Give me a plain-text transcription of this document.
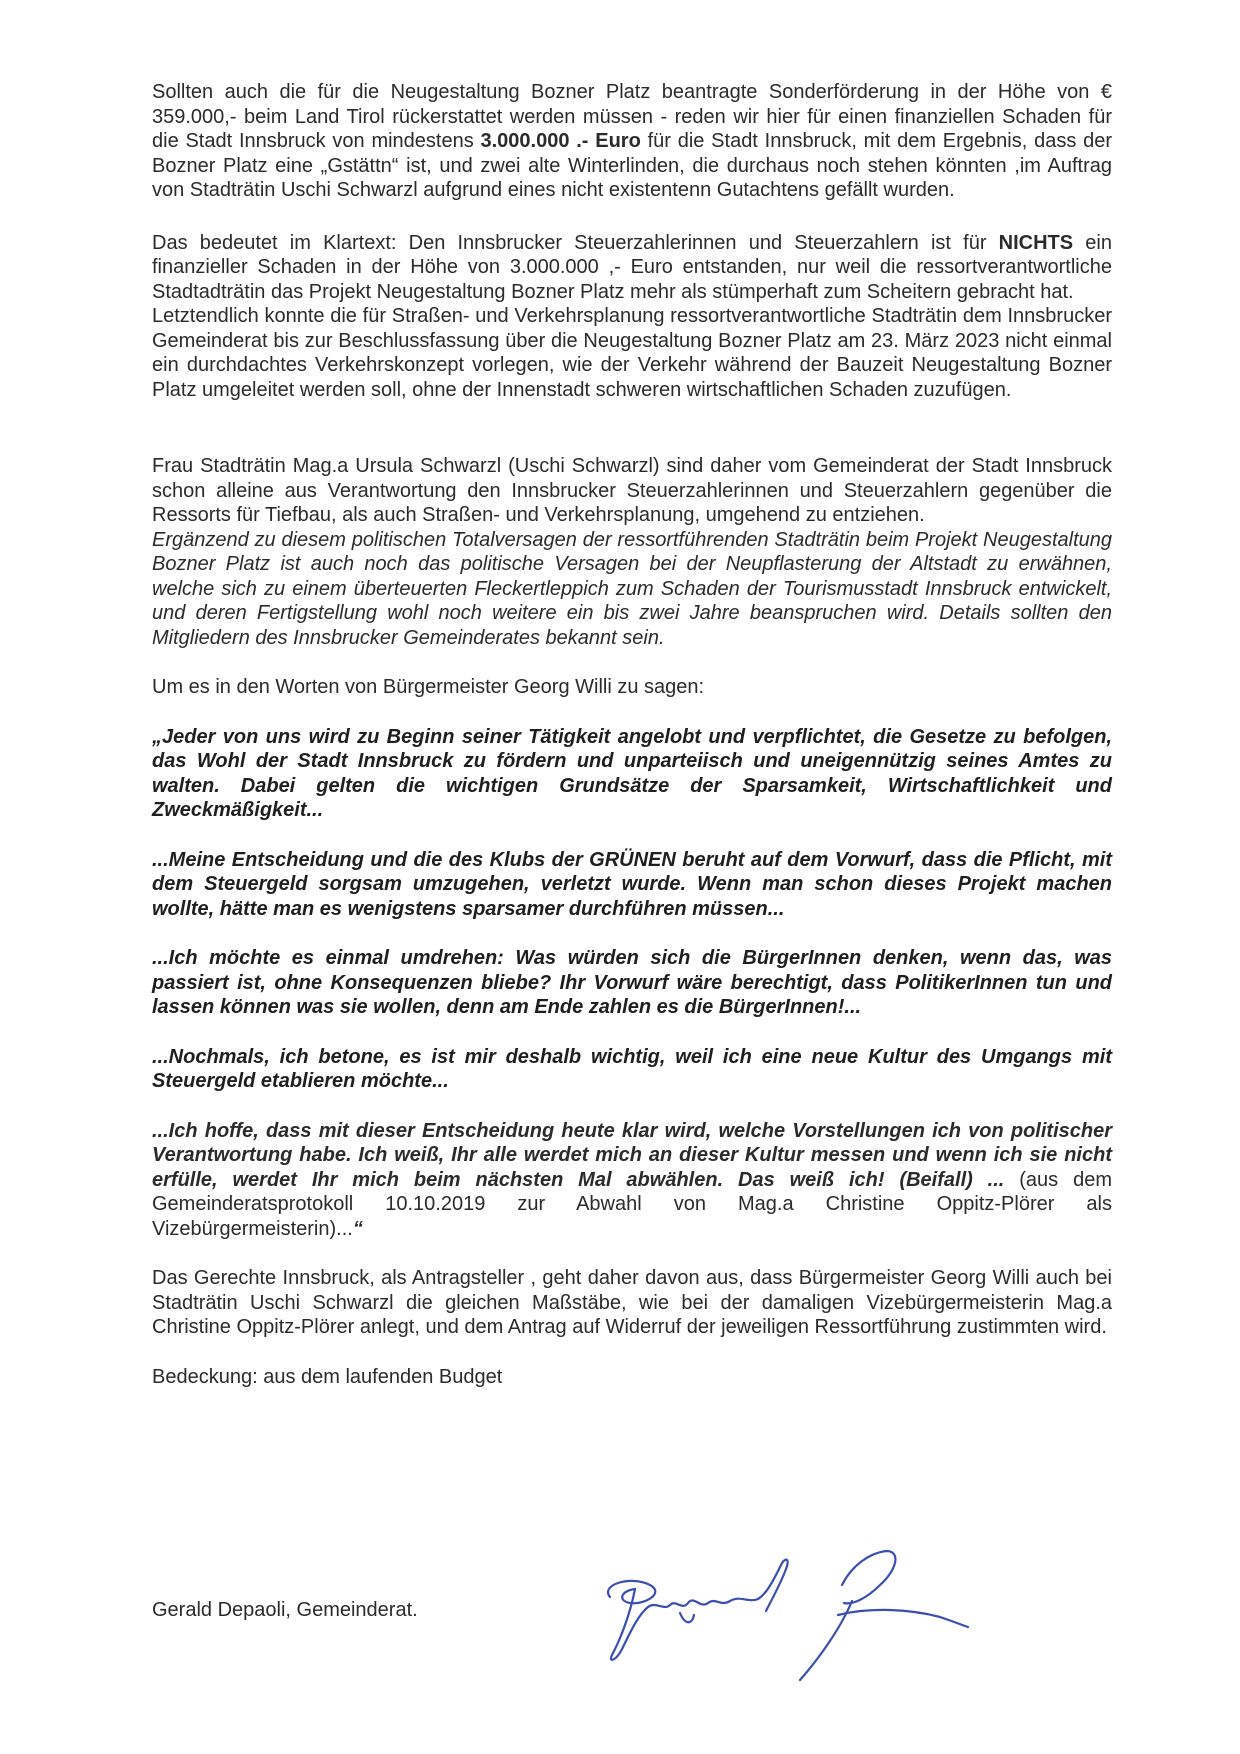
Sollten auch die für die Neugestaltung Bozner Platz beantragte Sonderförderung in der Höhe von € 359.000,- beim Land Tirol rückerstattet werden müssen - reden wir hier für einen finanziellen Schaden für die Stadt Innsbruck von mindestens 3.000.000 .- Euro für die Stadt Innsbruck, mit dem Ergebnis, dass der Bozner Platz eine „Gstättn“ ist, und zwei alte Winterlinden, die durchaus noch stehen könnten ,im Auftrag von Stadträtin Uschi Schwarzl aufgrund eines nicht existentenn Gutachtens gefällt wurden.

Das bedeutet im Klartext: Den Innsbrucker Steuerzahlerinnen und Steuerzahlern ist für NICHTS ein finanzieller Schaden in der Höhe von 3.000.000 ,- Euro entstanden, nur weil die ressortverantwortliche Stadtadträtin das Projekt Neugestaltung Bozner Platz mehr als stümperhaft zum Scheitern gebracht hat.

Letztendlich konnte die für Straßen- und Verkehrsplanung ressortverantwortliche Stadträtin dem Innsbrucker Gemeinderat bis zur Beschlussfassung über die Neugestaltung Bozner Platz am 23. März 2023 nicht einmal ein durchdachtes Verkehrskonzept vorlegen, wie der Verkehr während der Bauzeit Neugestaltung Bozner Platz umgeleitet werden soll, ohne der Innenstadt schweren wirtschaftlichen Schaden zuzufügen.

Frau Stadträtin Mag.a Ursula Schwarzl (Uschi Schwarzl) sind daher vom Gemeinderat der Stadt Innsbruck schon alleine aus Verantwortung den Innsbrucker Steuerzahlerinnen und Steuerzahlern gegenüber die Ressorts für Tiefbau, als auch Straßen- und Verkehrsplanung, umgehend zu entziehen.

Ergänzend zu diesem politischen Totalversagen der ressortführenden Stadträtin beim Projekt Neugestaltung Bozner Platz ist auch noch das politische Versagen bei der Neupflasterung der Altstadt zu erwähnen, welche sich zu einem überteuerten Fleckertleppich zum Schaden der Tourismusstadt Innsbruck entwickelt, und deren Fertigstellung wohl noch weitere ein bis zwei Jahre beanspruchen wird. Details sollten den Mitgliedern des Innsbrucker Gemeinderates bekannt sein.

Um es in den Worten von Bürgermeister Georg Willi zu sagen:

„Jeder von uns wird zu Beginn seiner Tätigkeit angelobt und verpflichtet, die Gesetze zu befolgen, das Wohl der Stadt Innsbruck zu fördern und unparteiisch und uneigennützig seines Amtes zu walten. Dabei gelten die wichtigen Grundsätze der Sparsamkeit, Wirtschaftlichkeit und Zweckmäßigkeit...

...Meine Entscheidung und die des Klubs der GRÜNEN beruht auf dem Vorwurf, dass die Pflicht, mit dem Steuergeld sorgsam umzugehen, verletzt wurde. Wenn man schon dieses Projekt machen wollte, hätte man es wenigstens sparsamer durchführen müssen...

...Ich möchte es einmal umdrehen: Was würden sich die BürgerInnen denken, wenn das, was passiert ist, ohne Konsequenzen bliebe? Ihr Vorwurf wäre berechtigt, dass PolitikerInnen tun und lassen können was sie wollen, denn am Ende zahlen es die BürgerInnen!...

...Nochmals, ich betone, es ist mir deshalb wichtig, weil ich eine neue Kultur des Umgangs mit Steuergeld etablieren möchte...

...Ich hoffe, dass mit dieser Entscheidung heute klar wird, welche Vorstellungen ich von politischer Verantwortung habe. Ich weiß, Ihr alle werdet mich an dieser Kultur messen und wenn ich sie nicht erfülle, werdet Ihr mich beim nächsten Mal abwählen. Das weiß ich! (Beifall) ... (aus dem Gemeinderatsprotokoll 10.10.2019 zur Abwahl von Mag.a Christine Oppitz-Plörer als Vizebürgermeisterin)...“

Das Gerechte Innsbruck, als Antragsteller , geht daher davon aus, dass Bürgermeister Georg Willi auch bei Stadträtin Uschi Schwarzl die gleichen Maßstäbe, wie bei der damaligen Vizebürgermeisterin Mag.a Christine Oppitz-Plörer anlegt, und dem Antrag auf Widerruf der jeweiligen Ressortführung zustimmten wird.

Bedeckung: aus dem laufenden Budget

Gerald Depaoli, Gemeinderat.
